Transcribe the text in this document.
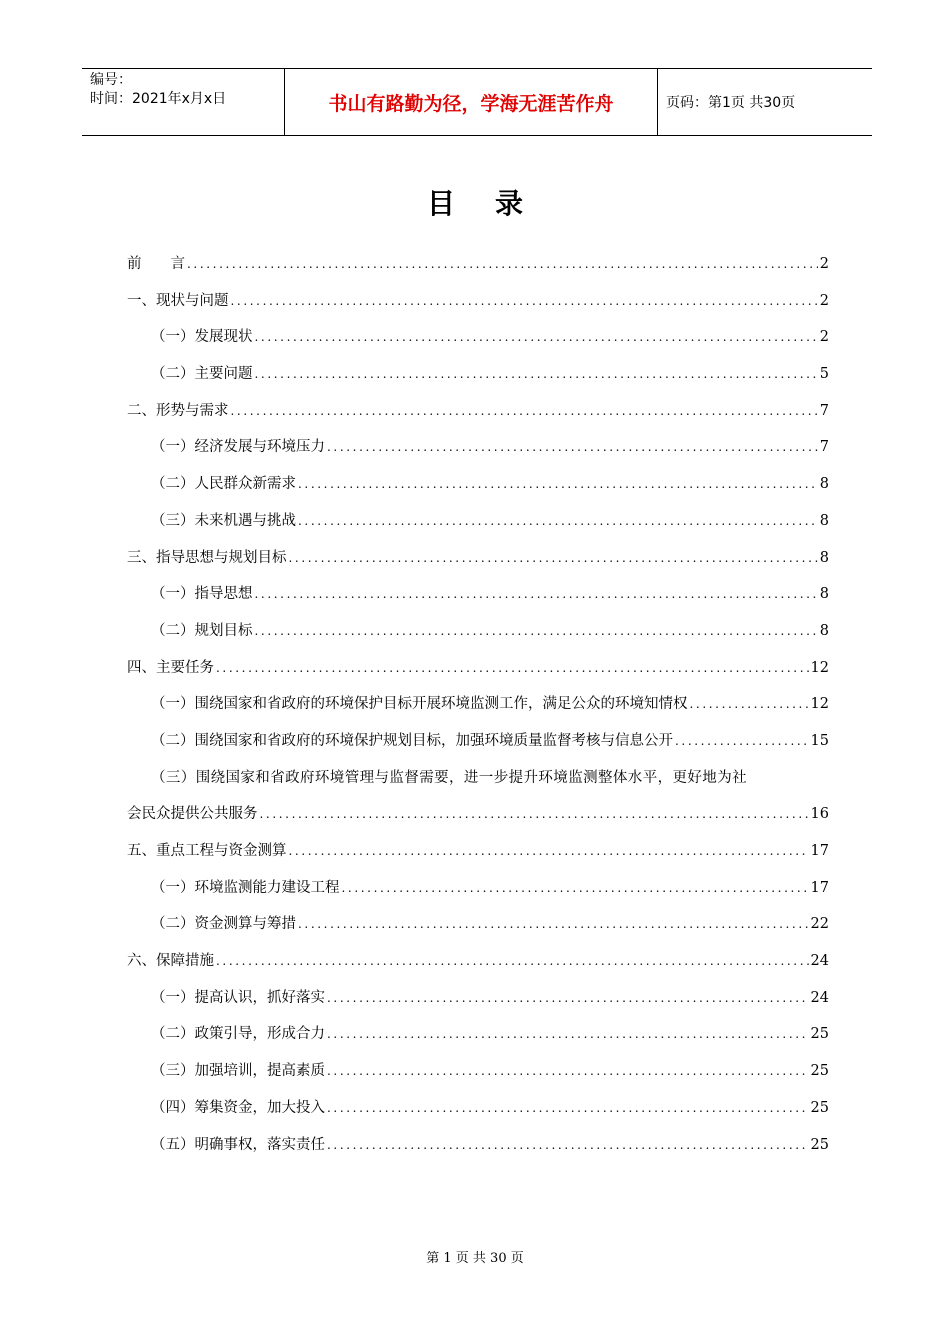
编号：
时间：2021年x月x日	书山有路勤为径，学海无涯苦作舟	页码：第1页 共30页
目录
前　　言 .....	2
一、现状与问题 .....	2
（一）发展现状 .....	2
（二）主要问题 .....	5
二、形势与需求 .....	7
（一）经济发展与环境压力 .....	7
（二）人民群众新需求 .....	8
（三）未来机遇与挑战 .....	8
三、指导思想与规划目标 .....	8
（一）指导思想 .....	8
（二）规划目标 .....	8
四、主要任务 .....	12
（一）围绕国家和省政府的环境保护目标开展环境监测工作，满足公众的环境知情权 .....	12
（二）围绕国家和省政府的环境保护规划目标，加强环境质量监督考核与信息公开 .....	15
（三）围绕国家和省政府环境管理与监督需要，进一步提升环境监测整体水平，更好地为社
会民众提供公共服务 .....	16
五、重点工程与资金测算 .....	17
（一）环境监测能力建设工程 .....	17
（二）资金测算与筹措 .....	22
六、保障措施 .....	24
（一）提高认识，抓好落实 .....	24
（二）政策引导，形成合力 .....	25
（三）加强培训，提高素质 .....	25
（四）筹集资金，加大投入 .....	25
（五）明确事权，落实责任 .....	25
第 1 页 共 30 页
